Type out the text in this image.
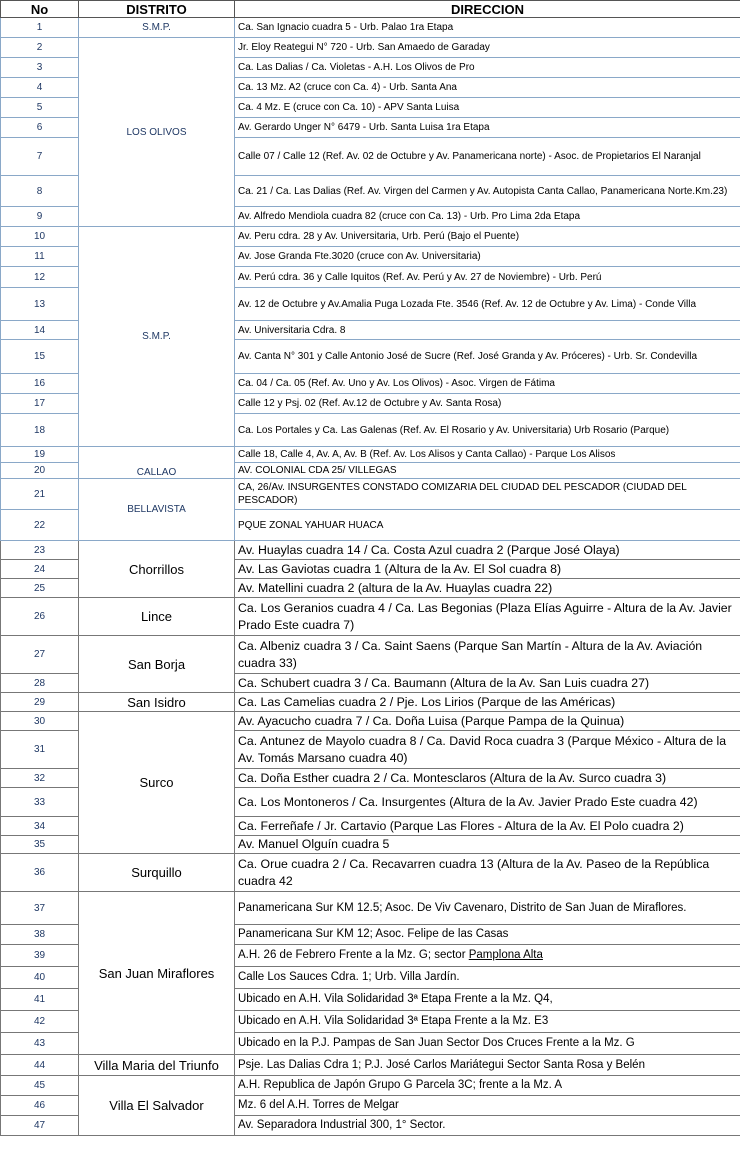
No	DISTRITO	DIRECCION
1	S.M.P.	Ca. San Ignacio cuadra 5 - Urb. Palao 1ra Etapa
2	LOS OLIVOS	Jr. Eloy Reategui N° 720 - Urb. San Amaedo de Garaday
3		Ca. Las Dalias / Ca. Violetas - A.H. Los Olivos de Pro
4		Ca. 13 Mz. A2 (cruce con Ca. 4) - Urb. Santa Ana
5		Ca. 4 Mz. E (cruce con Ca. 10) - APV Santa Luisa
6		Av. Gerardo Unger N° 6479 - Urb. Santa Luisa 1ra Etapa
7		Calle 07 / Calle 12 (Ref. Av. 02 de Octubre y Av. Panamericana norte) - Asoc. de Propietarios El Naranjal
8		Ca. 21 / Ca. Las Dalias (Ref. Av. Virgen del Carmen y Av. Autopista Canta Callao, Panamericana Norte.Km.23)
9		Av. Alfredo Mendiola cuadra 82 (cruce con Ca. 13) - Urb. Pro Lima 2da Etapa
10	S.M.P.	Av. Peru cdra. 28 y Av. Universitaria, Urb. Perú (Bajo el Puente)
11		Av. Jose Granda Fte.3020 (cruce con Av. Universitaria)
12		Av. Perú cdra. 36 y Calle Iquitos (Ref. Av. Perú y Av. 27 de Noviembre) - Urb. Perú
13		Av. 12 de Octubre y Av.Amalia Puga Lozada Fte. 3546 (Ref. Av. 12 de Octubre y Av. Lima) - Conde Villa
14		Av. Universitaria Cdra. 8
15		Av. Canta N° 301 y Calle Antonio José de Sucre (Ref. José Granda y Av. Próceres) - Urb. Sr. Condevilla
16		Ca. 04 / Ca. 05 (Ref. Av. Uno y Av. Los Olivos) - Asoc. Virgen de Fátima
17		Calle 12 y Psj. 02 (Ref. Av.12 de Octubre y Av. Santa Rosa)
18		Ca. Los Portales y Ca. Las Galenas (Ref. Av. El Rosario y Av. Universitaria) Urb Rosario (Parque)
19	CALLAO	Calle 18, Calle 4, Av. A, Av. B (Ref. Av. Los Alisos y Canta Callao) - Parque Los Alisos
20		AV. COLONIAL CDA 25/ VILLEGAS
21	BELLAVISTA	CA, 26/Av. INSURGENTES CONSTADO COMIZARIA DEL CIUDAD DEL PESCADOR (CIUDAD DEL PESCADOR)
22		PQUE ZONAL YAHUAR HUACA
23	Chorrillos	Av. Huaylas cuadra 14 / Ca. Costa Azul cuadra 2 (Parque José Olaya)
24		Av. Las Gaviotas cuadra 1 (Altura de la Av. El Sol cuadra 8)
25		Av. Matellini cuadra 2 (altura de la Av. Huaylas cuadra 22)
26	Lince	Ca. Los Geranios cuadra 4 / Ca. Las Begonias (Plaza Elías Aguirre - Altura de la Av. Javier Prado Este cuadra 7)
27	San Borja	Ca. Albeniz cuadra 3 / Ca. Saint Saens (Parque San Martín - Altura de la Av. Aviación cuadra 33)
28		Ca. Schubert cuadra 3 / Ca. Baumann (Altura de la Av. San Luis cuadra 27)
29	San Isidro	Ca. Las Camelias cuadra 2 / Pje. Los Lirios (Parque de las Américas)
30	Surco	Av. Ayacucho cuadra 7 / Ca. Doña Luisa (Parque Pampa de la Quinua)
31		Ca. Antunez de Mayolo cuadra 8 / Ca. David Roca cuadra 3 (Parque México - Altura de la Av. Tomás Marsano cuadra 40)
32		Ca. Doña Esther cuadra 2 / Ca. Montesclaros (Altura de la Av. Surco cuadra 3)
33		Ca. Los Montoneros / Ca. Insurgentes (Altura de la Av. Javier Prado Este cuadra 42)
34		Ca. Ferreñafe / Jr. Cartavio (Parque Las Flores - Altura de la Av. El Polo cuadra 2)
35		Av. Manuel Olguín cuadra 5
36	Surquillo	Ca. Orue cuadra 2 / Ca. Recavarren cuadra 13 (Altura de la Av. Paseo de la República cuadra 42
37	San Juan Miraflores	Panamericana Sur KM 12.5; Asoc. De Viv Cavenaro, Distrito de San Juan de Miraflores.
38		Panamericana Sur KM 12; Asoc. Felipe de las Casas
39		A.H. 26 de Febrero Frente a la Mz. G; sector Pamplona Alta
40		Calle Los Sauces Cdra. 1; Urb. Villa Jardín.
41		Ubicado en A.H. Vila Solidaridad 3ª Etapa Frente a la Mz. Q4,
42		Ubicado en A.H. Vila Solidaridad 3ª Etapa Frente a la Mz. E3
43		Ubicado en la P.J. Pampas de San Juan Sector Dos Cruces Frente a la Mz. G
44	Villa Maria del Triunfo	Psje. Las Dalias Cdra 1; P.J. José Carlos Mariátegui Sector Santa Rosa y Belén
45	Villa El Salvador	A.H. Republica de Japón Grupo G Parcela 3C; frente a la Mz. A
46		Mz. 6 del A.H. Torres de Melgar
47		Av. Separadora Industrial 300, 1° Sector.
